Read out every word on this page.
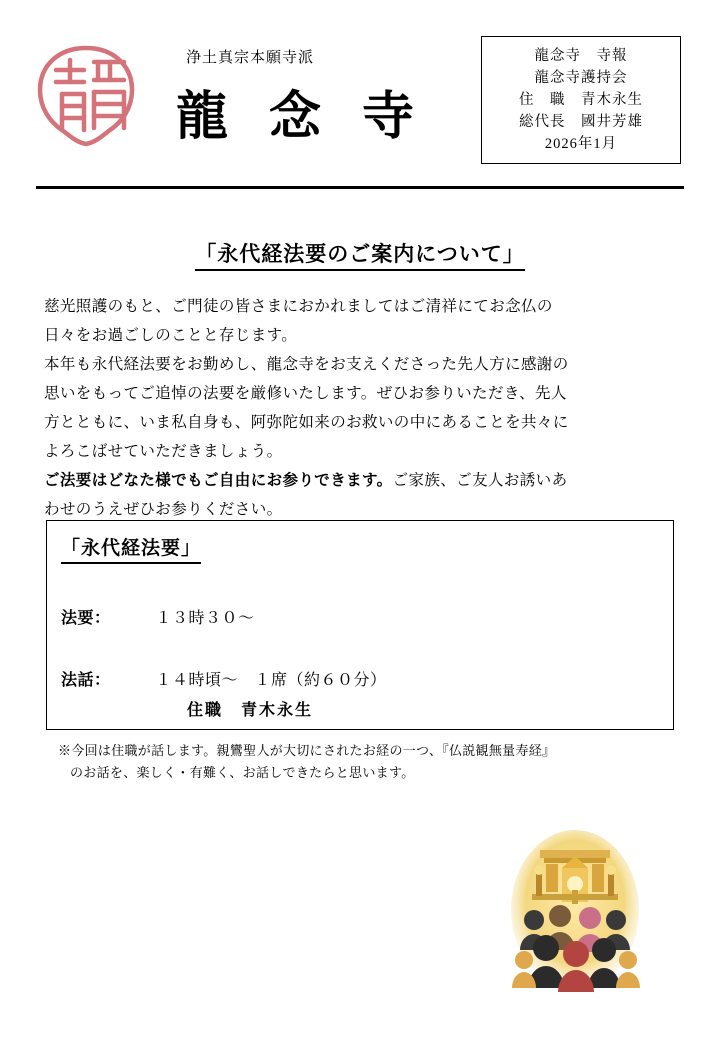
浄土真宗本願寺派
龍 念 寺
龍念寺　寺報
龍念寺護持会
住　職　青木永生
総代長　國井芳雄
2026年1月
「永代経法要のご案内について」

慈光照護のもと、ご門徒の皆さまにおかれましてはご清祥にてお念仏の

日々をお過ごしのことと存じます。

本年も永代経法要をお勤めし、龍念寺をお支えくださった先人方に感謝の

思いをもってご追悼の法要を厳修いたします。ぜひお参りいただき、先人

方とともに、いま私自身も、阿弥陀如来のお救いの中にあることを共々に

よろこばせていただきましょう。

ご法要はどなた様でもご自由にお参りできます。ご家族、ご友人お誘いあ

わせのうえぜひお参りください。

「永代経法要」
法要：　１３時３０〜
法話：　１４時頃〜　１席（約６０分）
住職　青木永生

※今回は住職が話します。親鸞聖人が大切にされたお経の一つ、『仏説観無量寿経』

のお話を、楽しく・有難く、お話しできたらと思います。
